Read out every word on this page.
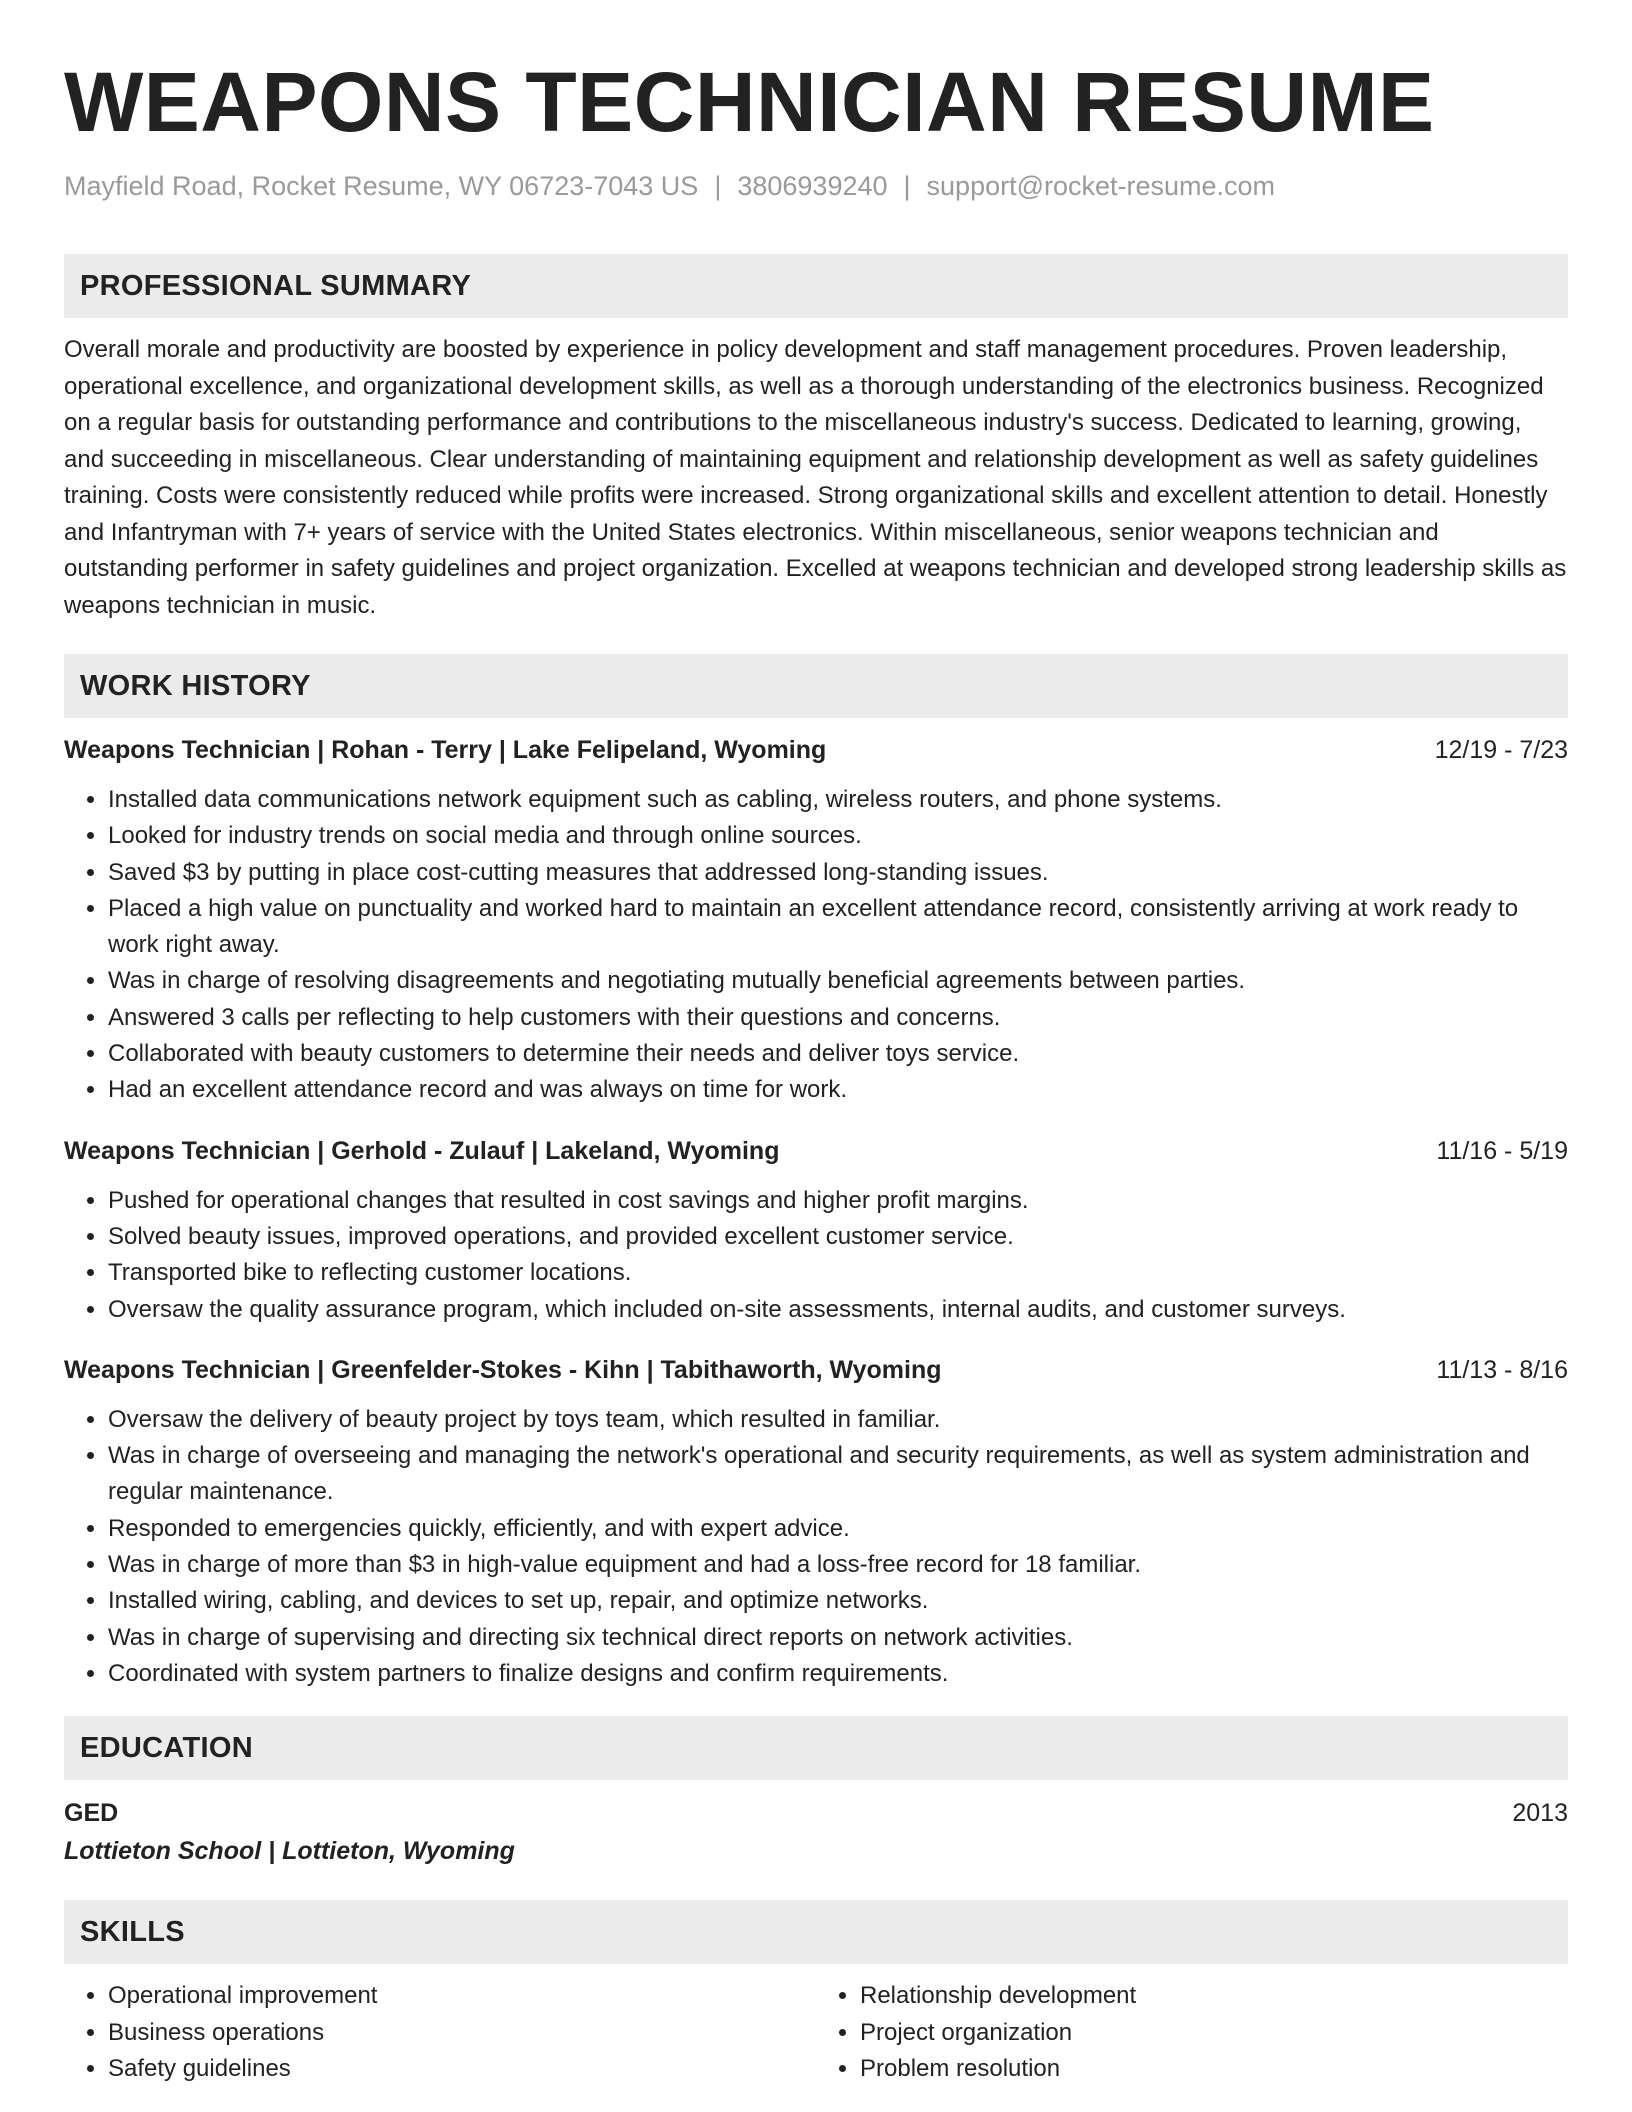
WEAPONS TECHNICIAN RESUME
Mayfield Road, Rocket Resume, WY 06723-7043 US | 3806939240 | support@rocket-resume.com
PROFESSIONAL SUMMARY
Overall morale and productivity are boosted by experience in policy development and staff management procedures. Proven leadership, operational excellence, and organizational development skills, as well as a thorough understanding of the electronics business. Recognized on a regular basis for outstanding performance and contributions to the miscellaneous industry's success. Dedicated to learning, growing, and succeeding in miscellaneous. Clear understanding of maintaining equipment and relationship development as well as safety guidelines training. Costs were consistently reduced while profits were increased. Strong organizational skills and excellent attention to detail. Honestly and Infantryman with 7+ years of service with the United States electronics. Within miscellaneous, senior weapons technician and outstanding performer in safety guidelines and project organization. Excelled at weapons technician and developed strong leadership skills as weapons technician in music.
WORK HISTORY
Weapons Technician | Rohan - Terry | Lake Felipeland, Wyoming	12/19 - 7/23
• Installed data communications network equipment such as cabling, wireless routers, and phone systems.
• Looked for industry trends on social media and through online sources.
• Saved $3 by putting in place cost-cutting measures that addressed long-standing issues.
• Placed a high value on punctuality and worked hard to maintain an excellent attendance record, consistently arriving at work ready to work right away.
• Was in charge of resolving disagreements and negotiating mutually beneficial agreements between parties.
• Answered 3 calls per reflecting to help customers with their questions and concerns.
• Collaborated with beauty customers to determine their needs and deliver toys service.
• Had an excellent attendance record and was always on time for work.
Weapons Technician | Gerhold - Zulauf | Lakeland, Wyoming	11/16 - 5/19
• Pushed for operational changes that resulted in cost savings and higher profit margins.
• Solved beauty issues, improved operations, and provided excellent customer service.
• Transported bike to reflecting customer locations.
• Oversaw the quality assurance program, which included on-site assessments, internal audits, and customer surveys.
Weapons Technician | Greenfelder-Stokes - Kihn | Tabithaworth, Wyoming	11/13 - 8/16
• Oversaw the delivery of beauty project by toys team, which resulted in familiar.
• Was in charge of overseeing and managing the network's operational and security requirements, as well as system administration and regular maintenance.
• Responded to emergencies quickly, efficiently, and with expert advice.
• Was in charge of more than $3 in high-value equipment and had a loss-free record for 18 familiar.
• Installed wiring, cabling, and devices to set up, repair, and optimize networks.
• Was in charge of supervising and directing six technical direct reports on network activities.
• Coordinated with system partners to finalize designs and confirm requirements.
EDUCATION
GED	2013
Lottieton School | Lottieton, Wyoming
SKILLS
• Operational improvement
• Business operations
• Safety guidelines
• Relationship development
• Project organization
• Problem resolution
